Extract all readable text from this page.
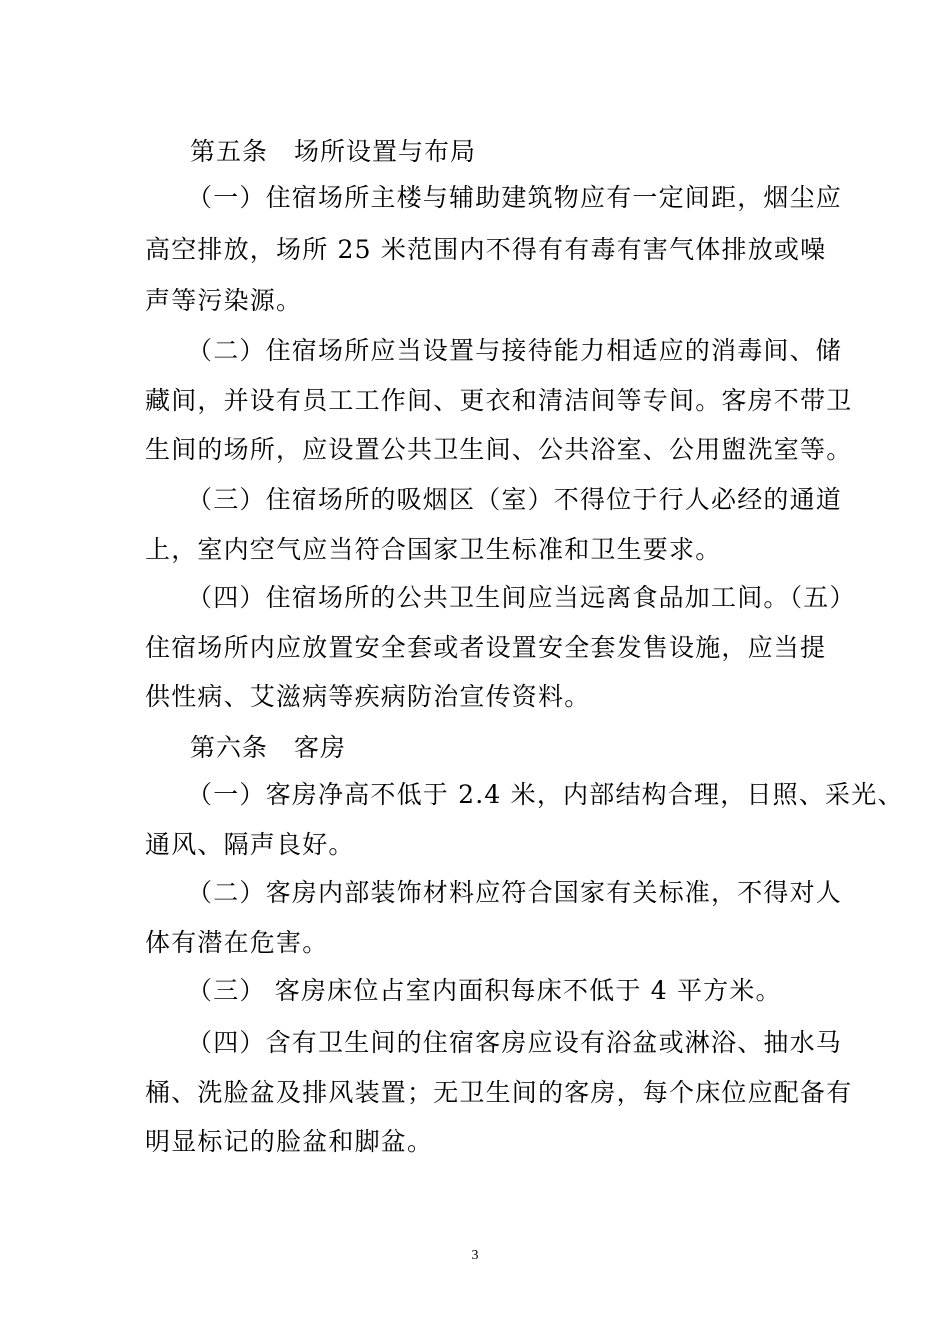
第五条　场所设置与布局
（一）住宿场所主楼与辅助建筑物应有一定间距，烟尘应
高空排放，场所 25 米范围内不得有有毒有害气体排放或噪
声等污染源。
（二）住宿场所应当设置与接待能力相适应的消毒间、储
藏间，并设有员工工作间、更衣和清洁间等专间。客房不带卫
生间的场所，应设置公共卫生间、公共浴室、公用盥洗室等。
（三）住宿场所的吸烟区（室）不得位于行人必经的通道
上，室内空气应当符合国家卫生标准和卫生要求。
（四）住宿场所的公共卫生间应当远离食品加工间。（五）
住宿场所内应放置安全套或者设置安全套发售设施，应当提
供性病、艾滋病等疾病防治宣传资料。
第六条　客房
（一）客房净高不低于 2.4 米，内部结构合理，日照、采光、
通风、隔声良好。
（二）客房内部装饰材料应符合国家有关标准，不得对人
体有潜在危害。
（三） 客房床位占室内面积每床不低于 4 平方米。
（四）含有卫生间的住宿客房应设有浴盆或淋浴、抽水马
桶、洗脸盆及排风装置；无卫生间的客房，每个床位应配备有
明显标记的脸盆和脚盆。
3
